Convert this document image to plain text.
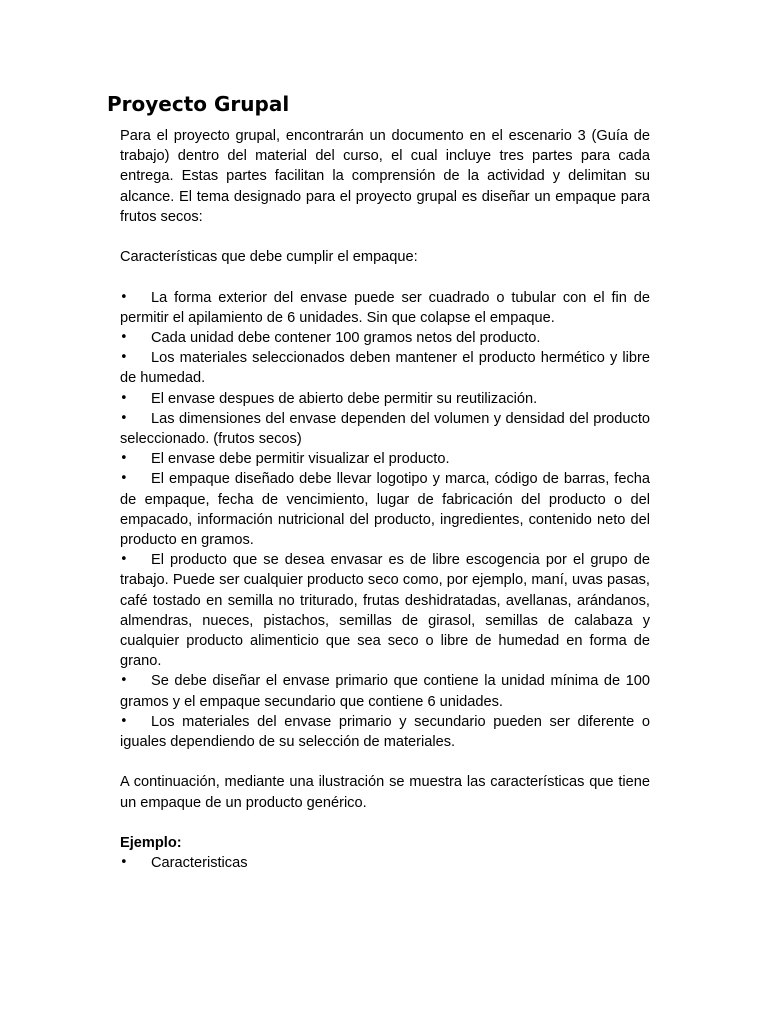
Proyecto Grupal

Para el proyecto grupal, encontrarán un documento en el escenario 3 (Guía de trabajo) dentro del material del curso, el cual incluye tres partes para cada entrega. Estas partes facilitan la comprensión de la actividad y delimitan su alcance. El tema designado para el proyecto grupal es diseñar un empaque para frutos secos:

Características que debe cumplir el empaque:

• La forma exterior del envase puede ser cuadrado o tubular con el fin de permitir el apilamiento de 6 unidades. Sin que colapse el empaque.
• Cada unidad debe contener 100 gramos netos del producto.
• Los materiales seleccionados deben mantener el producto hermético y libre de humedad.
• El envase despues de abierto debe permitir su reutilización.
• Las dimensiones del envase dependen del volumen y densidad del producto seleccionado. (frutos secos)
• El envase debe permitir visualizar el producto.
• El empaque diseñado debe llevar logotipo y marca, código de barras, fecha de empaque, fecha de vencimiento, lugar de fabricación del producto o del empacado, información nutricional del producto, ingredientes, contenido neto del producto en gramos.
• El producto que se desea envasar es de libre escogencia por el grupo de trabajo. Puede ser cualquier producto seco como, por ejemplo, maní, uvas pasas, café tostado en semilla no triturado, frutas deshidratadas, avellanas, arándanos, almendras, nueces, pistachos, semillas de girasol, semillas de calabaza y cualquier producto alimenticio que sea seco o libre de humedad en forma de grano.
• Se debe diseñar el envase primario que contiene la unidad mínima de 100 gramos y el empaque secundario que contiene 6 unidades.
• Los materiales del envase primario y secundario pueden ser diferente o iguales dependiendo de su selección de materiales.

A continuación, mediante una ilustración se muestra las características que tiene un empaque de un producto genérico.

Ejemplo:

• Caracteristicas
